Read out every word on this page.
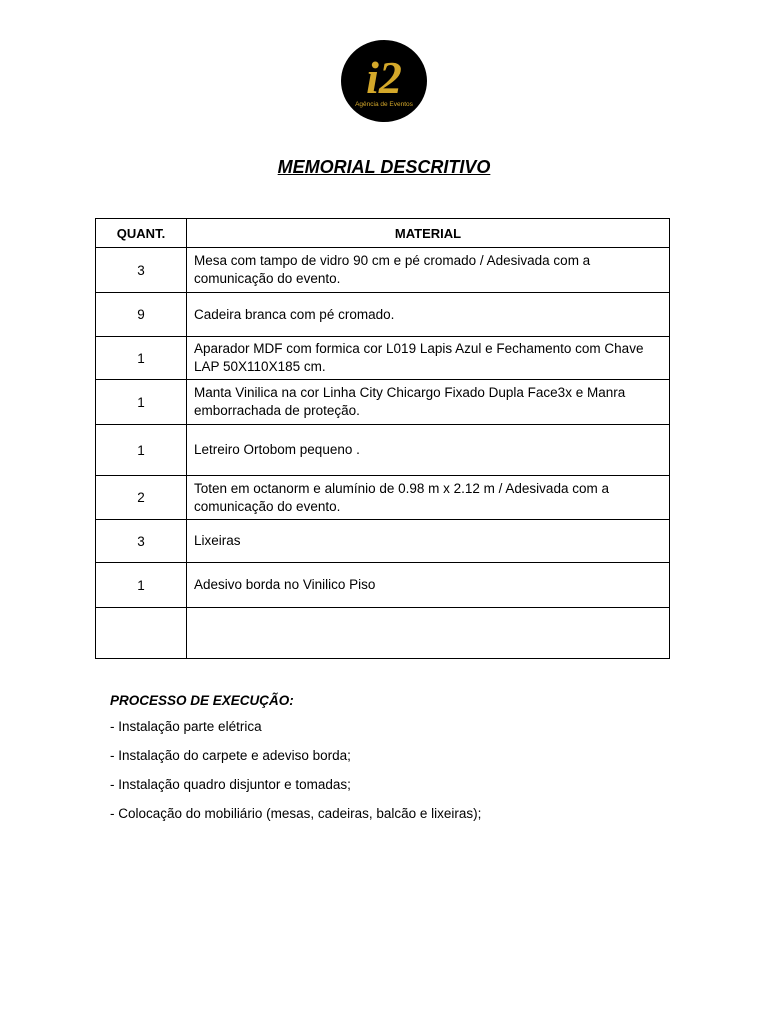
i2
Agência de Eventos
MEMORIAL DESCRITIVO
QUANT.	MATERIAL
3	Mesa com tampo de vidro 90 cm e pé cromado / Adesivada com a comunicação do evento.
9	Cadeira branca com pé cromado.
1	Aparador MDF com formica cor L019 Lapis Azul e Fechamento com Chave LAP 50X110X185 cm.
1	Manta Vinilica na cor Linha City Chicargo Fixado Dupla Face3x e Manra emborrachada de proteção.
1	Letreiro Ortobom pequeno .
2	Toten em octanorm e alumínio de 0.98 m x 2.12 m / Adesivada com a comunicação do evento.
3	Lixeiras
1	Adesivo borda no Vinilico Piso

PROCESSO DE EXECUÇÃO:
- Instalação parte elétrica
- Instalação do carpete e adeviso borda;
- Instalação quadro disjuntor e tomadas;
- Colocação do mobiliário (mesas, cadeiras, balcão e lixeiras);
